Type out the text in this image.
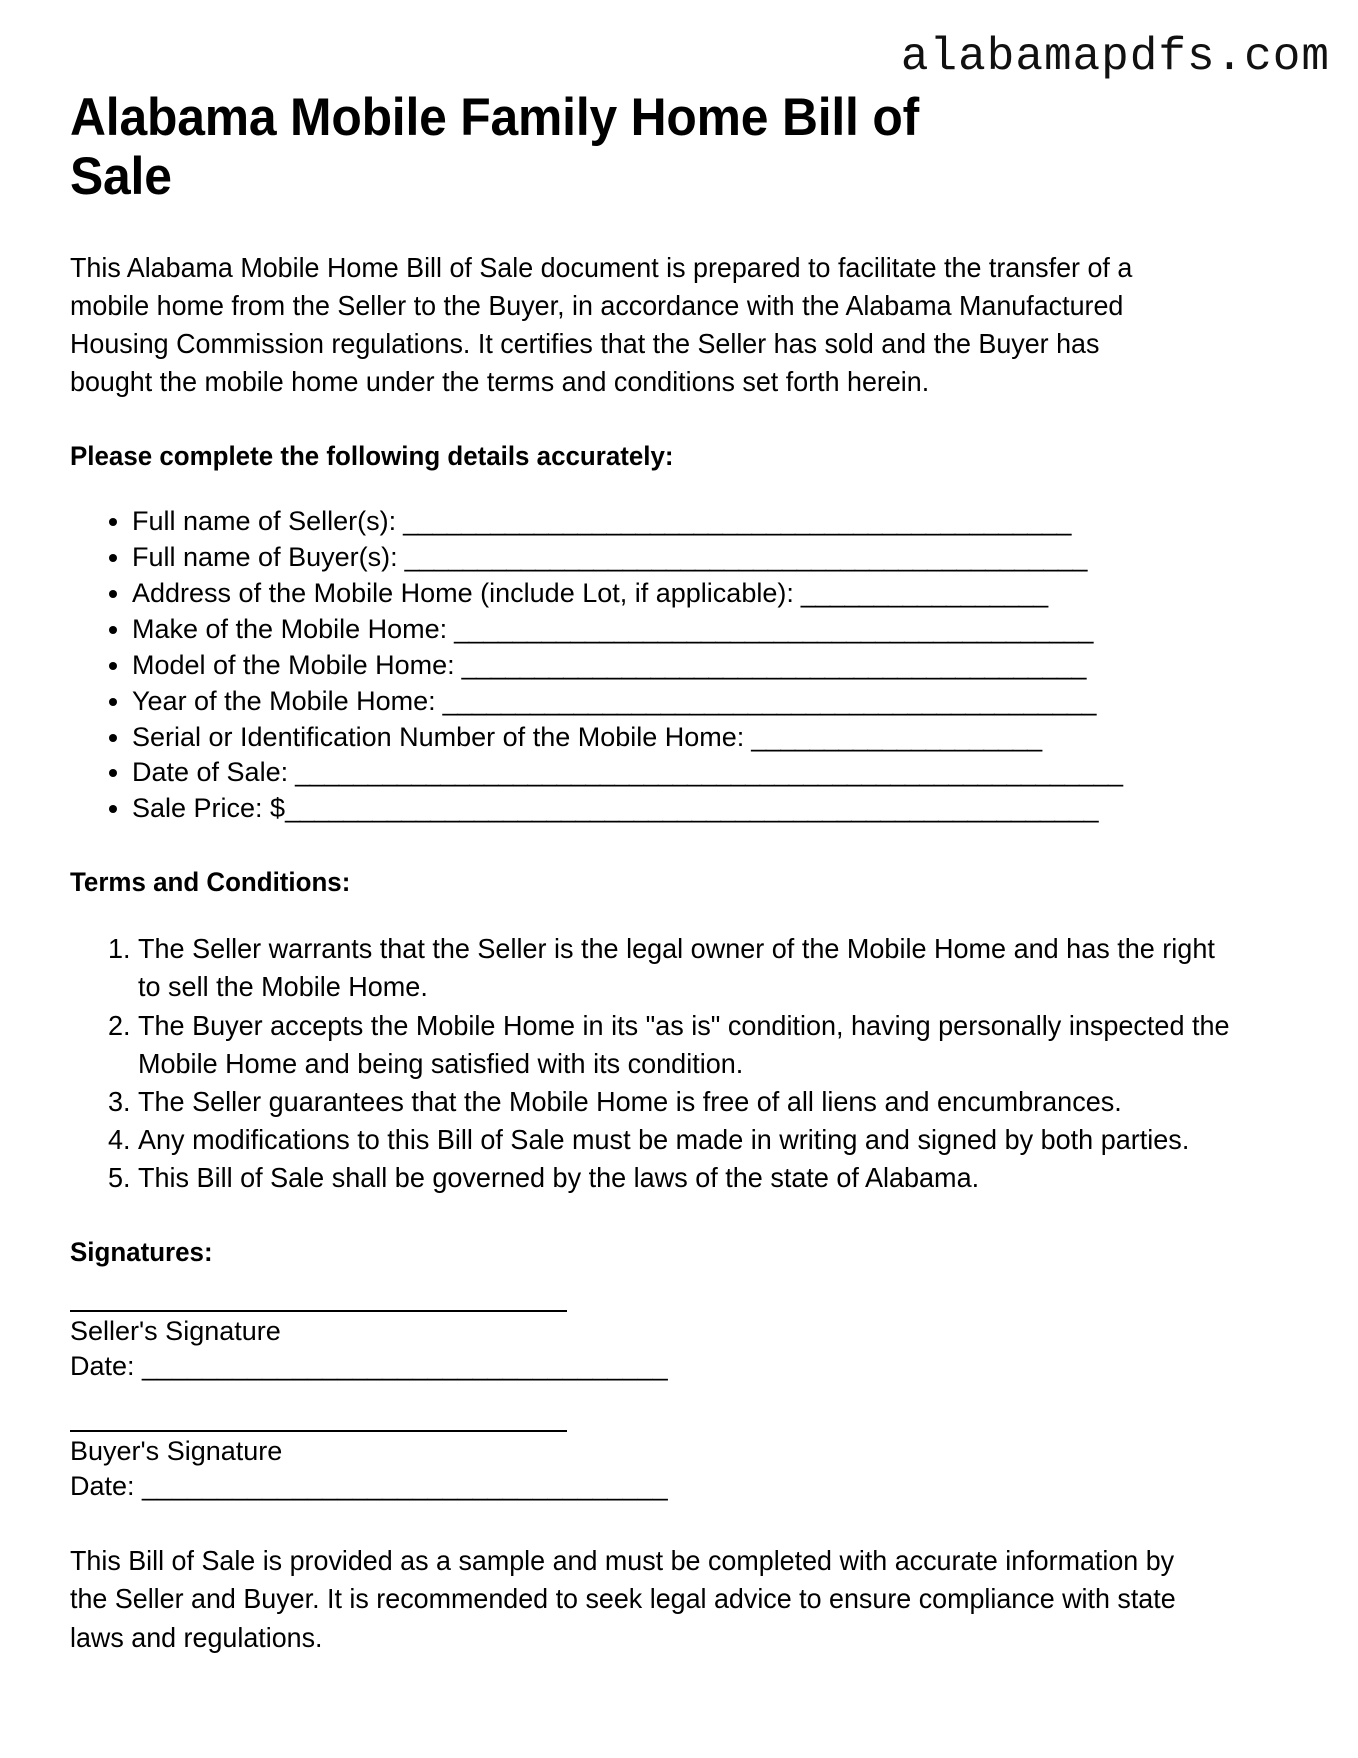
alabamapdfs.com
Alabama Mobile Family Home Bill of Sale

This Alabama Mobile Home Bill of Sale document is prepared to facilitate the transfer of a mobile home from the Seller to the Buyer, in accordance with the Alabama Manufactured Housing Commission regulations. It certifies that the Seller has sold and the Buyer has bought the mobile home under the terms and conditions set forth herein.

Please complete the following details accurately:
• Full name of Seller(s): ______________________________________________
• Full name of Buyer(s): _______________________________________________
• Address of the Mobile Home (include Lot, if applicable): _________________
• Make of the Mobile Home: ____________________________________________
• Model of the Mobile Home: ___________________________________________
• Year of the Mobile Home: _____________________________________________
• Serial or Identification Number of the Mobile Home: ____________________
• Date of Sale: _________________________________________________________
• Sale Price: $________________________________________________________
Terms and Conditions:
1. The Seller warrants that the Seller is the legal owner of the Mobile Home and has the right to sell the Mobile Home.
2. The Buyer accepts the Mobile Home in its "as is" condition, having personally inspected the Mobile Home and being satisfied with its condition.
3. The Seller guarantees that the Mobile Home is free of all liens and encumbrances.
4. Any modifications to this Bill of Sale must be made in writing and signed by both parties.
5. This Bill of Sale shall be governed by the laws of the state of Alabama.
Signatures:
Seller's Signature
Date: ___________________________________
Buyer's Signature
Date: ___________________________________

This Bill of Sale is provided as a sample and must be completed with accurate information by the Seller and Buyer. It is recommended to seek legal advice to ensure compliance with state laws and regulations.
